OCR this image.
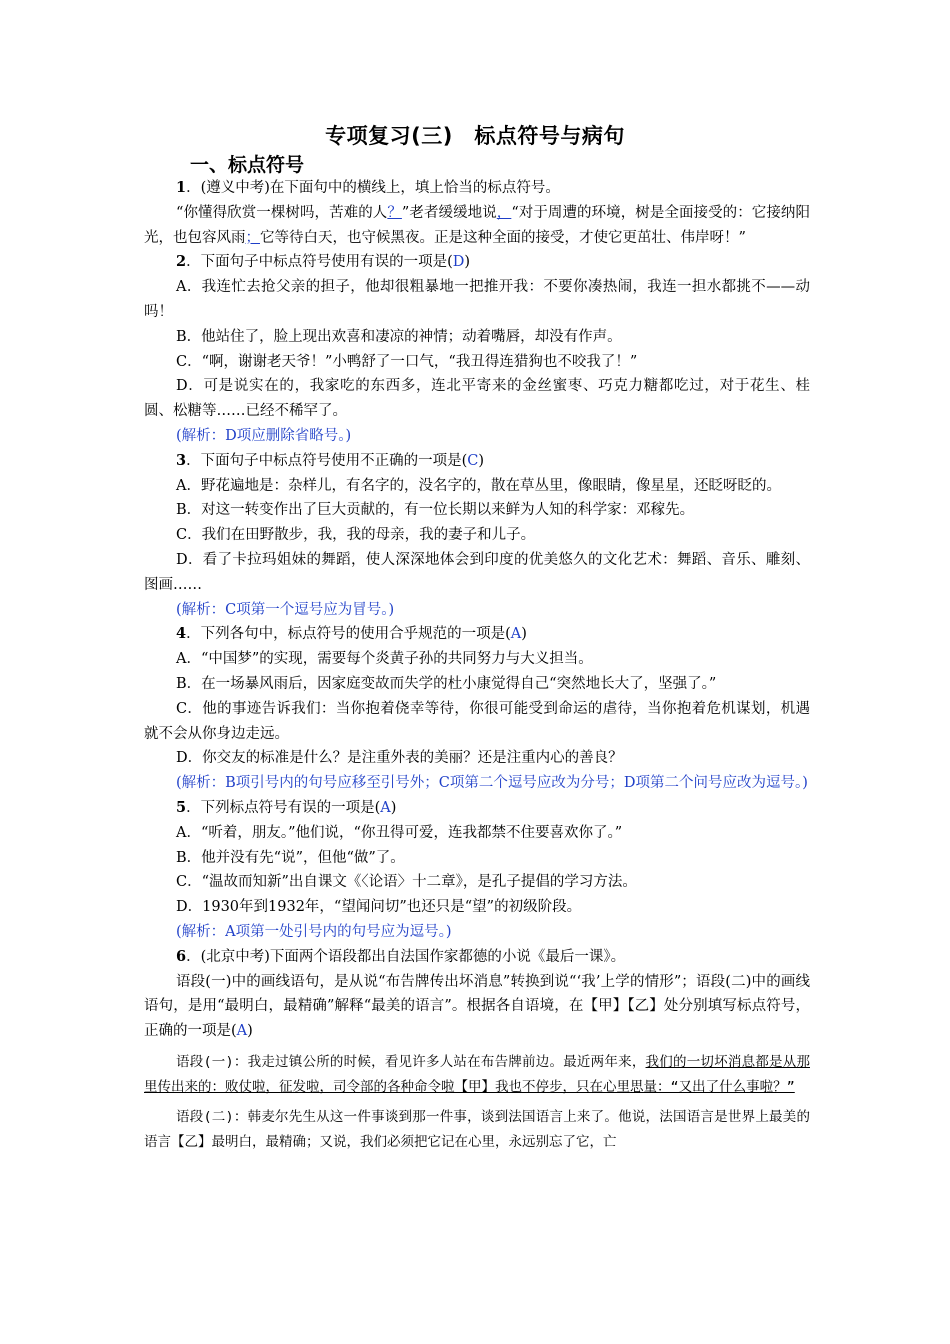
专项复习(三)　标点符号与病句
一、标点符号

1．(遵义中考)在下面句中的横线上，填上恰当的标点符号。

“你懂得欣赏一棵树吗，苦难的人？”老者缓缓地说，“对于周遭的环境，树是全面接受的：它接纳阳光，也包容风雨；它等待白天，也守候黑夜。正是这种全面的接受，才使它更茁壮、伟岸呀！”

2．下面句子中标点符号使用有误的一项是(D)

A．我连忙去抢父亲的担子，他却很粗暴地一把推开我：不要你凑热闹，我连一担水都挑不——动吗！

B．他站住了，脸上现出欢喜和凄凉的神情；动着嘴唇，却没有作声。

C．“啊，谢谢老天爷！”小鸭舒了一口气，“我丑得连猎狗也不咬我了！”

D．可是说实在的，我家吃的东西多，连北平寄来的金丝蜜枣、巧克力糖都吃过，对于花生、桂圆、松糖等……已经不稀罕了。

(解析：D项应删除省略号。)

3．下面句子中标点符号使用不正确的一项是(C)

A．野花遍地是：杂样儿，有名字的，没名字的，散在草丛里，像眼睛，像星星，还眨呀眨的。

B．对这一转变作出了巨大贡献的，有一位长期以来鲜为人知的科学家：邓稼先。

C．我们在田野散步，我，我的母亲，我的妻子和儿子。

D．看了卡拉玛姐妹的舞蹈，使人深深地体会到印度的优美悠久的文化艺术：舞蹈、音乐、雕刻、图画……

(解析：C项第一个逗号应为冒号。)

4．下列各句中，标点符号的使用合乎规范的一项是(A)

A．“中国梦”的实现，需要每个炎黄子孙的共同努力与大义担当。

B．在一场暴风雨后，因家庭变故而失学的杜小康觉得自己“突然地长大了，坚强了。”

C．他的事迹告诉我们：当你抱着侥幸等待，你很可能受到命运的虐待，当你抱着危机谋划，机遇就不会从你身边走远。

D．你交友的标准是什么？是注重外表的美丽？还是注重内心的善良？

(解析：B项引号内的句号应移至引号外；C项第二个逗号应改为分号；D项第二个问号应改为逗号。)

5．下列标点符号有误的一项是(A)

A．“听着，朋友。”他们说，“你丑得可爱，连我都禁不住要喜欢你了。”

B．他并没有先“说”，但他“做”了。

C．“温故而知新”出自课文《〈论语〉十二章》，是孔子提倡的学习方法。

D．1930年到1932年，“望闻问切”也还只是“望”的初级阶段。

(解析：A项第一处引号内的句号应为逗号。)

6．(北京中考)下面两个语段都出自法国作家都德的小说《最后一课》。

语段(一)中的画线语句，是从说“布告牌传出坏消息”转换到说“‘我’上学的情形”；语段(二)中的画线语句，是用“最明白，最精确”解释“最美的语言”。根据各自语境，在【甲】【乙】处分别填写标点符号，正确的一项是(A)

语段(一)：我走过镇公所的时候，看见许多人站在布告牌前边。最近两年来，我们的一切坏消息都是从那里传出来的：败仗啦，征发啦，司令部的各种命令啦【甲】我也不停步，只在心里思量：“又出了什么事啦？”

语段(二)：韩麦尔先生从这一件事谈到那一件事，谈到法国语言上来了。他说，法国语言是世界上最美的语言【乙】最明白，最精确；又说，我们必须把它记在心里，永远别忘了它，亡
